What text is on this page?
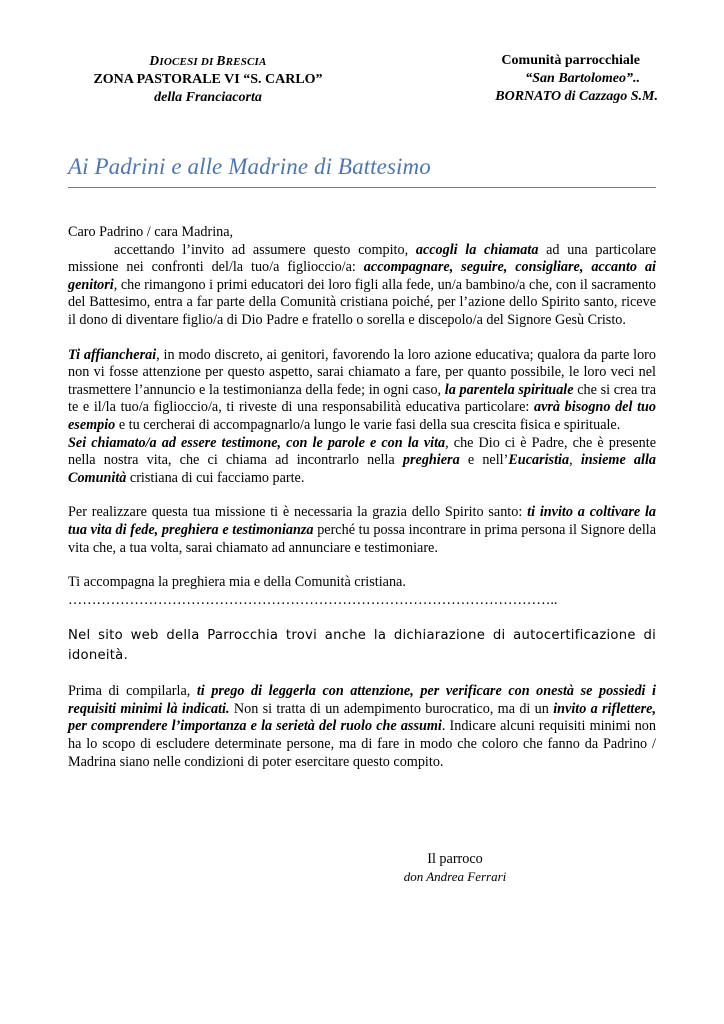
DIOCESI DI BRESCIA
ZONA PASTORALE VI “S. CARLO”
della Franciacorta
Comunità parrocchiale
“San Bartolomeo”..
BORNATO di Cazzago S.M.
Ai Padrini e alle Madrine di Battesimo

Caro Padrino / cara Madrina,

accettando l’invito ad assumere questo compito, accogli la chiamata ad una particolare missione nei confronti del/la tuo/a figlioccio/a: accompagnare, seguire, consigliare, accanto ai genitori, che rimangono i primi educatori dei loro figli alla fede, un/a bambino/a che, con il sacramento del Battesimo, entra a far parte della Comunità cristiana poiché, per l’azione dello Spirito santo, riceve il dono di diventare figlio/a di Dio Padre e fratello o sorella e discepolo/a del Signore Gesù Cristo.

Ti affiancherai, in modo discreto, ai genitori, favorendo la loro azione educativa; qualora da parte loro non vi fosse attenzione per questo aspetto, sarai chiamato a fare, per quanto possibile, le loro veci nel trasmettere l’annuncio e la testimonianza della fede; in ogni caso, la parentela spirituale che si crea tra te e il/la tuo/a figlioccio/a, ti riveste di una responsabilità educativa particolare: avrà bisogno del tuo esempio e tu cercherai di accompagnarlo/a lungo le varie fasi della sua crescita fisica e spirituale.

Sei chiamato/a ad essere testimone, con le parole e con la vita, che Dio ci è Padre, che è presente nella nostra vita, che ci chiama ad incontrarlo nella preghiera e nell’Eucaristia, insieme alla Comunità cristiana di cui facciamo parte.

Per realizzare questa tua missione ti è necessaria la grazia dello Spirito santo: ti invito a coltivare la tua vita di fede, preghiera e testimonianza perché tu possa incontrare in prima persona il Signore della vita che, a tua volta, sarai chiamato ad annunciare e testimoniare.

Ti accompagna la preghiera mia e della Comunità cristiana.

…………………………………………………………………………………………..

Nel sito web della Parrocchia trovi anche la dichiarazione di autocertificazione di idoneità.

Prima di compilarla, ti prego di leggerla con attenzione, per verificare con onestà se possiedi i requisiti minimi là indicati. Non si tratta di un adempimento burocratico, ma di un invito a riflettere, per comprendere l’importanza e la serietà del ruolo che assumi. Indicare alcuni requisiti minimi non ha lo scopo di escludere determinate persone, ma di fare in modo che coloro che fanno da Padrino / Madrina siano nelle condizioni di poter esercitare questo compito.

Il parroco
don Andrea Ferrari
